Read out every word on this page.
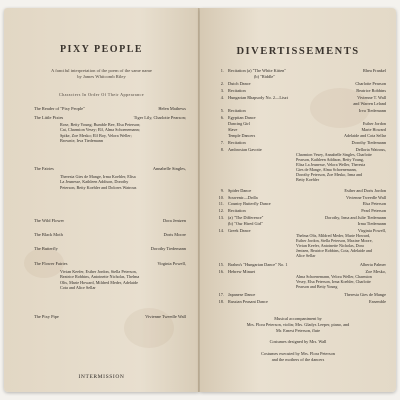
PIXY PEOPLE
A fanciful interpretation of the poem of the same name
by James Whitcomb Riley
Characters In Order Of Their Appearance
The Reader of "Pixy People"	Helen Mathews
The Little Pixies	Tiger Lily, Charlotte Pearson;
Rose, Betty Young; Bumble Bee, Elsa Peterson;
Cat, Charmion Vesey; Elf, Alma Schoenemann;
Spike, Zoe Mesko; Elf Boy, Velora Weller;
Brownie, Irva Tiedemann
The Fairies	Annabelle Singles,
Theresia Gies de Mange, Irma Koehler, Elisa
La Jeunesse, Kathleen Addison, Dorothy
Peterson, Betty Koehler and Dolores Watrous
The Wild Flower	Dora Jentzen
The Black Moth	Doris Moore
The Butterfly	Dorothy Tiedemann
The Flower Fairies	Virginia Powell,
Vivian Keefer, Esther Jordon, Stella Peterson,
Beatrice Robbins, Antoinette Nicholas, Thelma
Olts, Marie Howard, Mildred Meder, Adelaide
Cota and Alice Sellar
The Pixy Pipe	Vivienne Tweedle Wall
INTERMISSION
DIVERTISSEMENTS
1. Recitation (a) "The White Kitten"	Rhea Frankel
(b) "Riddle"
2. Dutch Dance	Charlotte Pearson
3. Recitation	Beatrice Robbins
4. Hungarian Rhapsody No. 2—Liszt	Vivienne T. Wall
and Warren Leland
5. Recitation	Irva Tiedemann
6. Egyptian Dance
Dancing Girl	Esther Jordon
Slave	Marie Howard
Temple Dancers	Adelaide and Cota Sellar
7. Recitation	Dorothy Tiedemann
8. Ambrosian Gavotte	Dellorta Watrous,
Charmion Vesey, Annabelle Singles, Charlotte
Pearson, Kathleen Addison, Betty Young,
Elisa La Jeunesse, Velora Weller, Theresia
Gies de Mange, Alma Schoenemann,
Dorothy Peterson, Zoe Mesko, Irma and
Betty Koehler
9. Spider Dance	Esther and Doris Jordon
10. Souvenir—Drdla	Vivienne Tweedle Wall
11. Country Butterfly Dance	Elsa Peterson
12. Recitation	Pearl Peterson
13. (a) "The Difference"	Dorothy, Irma and Julie Tiedemann
(b) "Our Hired Girl"	Irma Tiedemann
14. Greek Dance	Virginia Powell,
Thelma Olts, Mildred Meder, Marie Howard,
Esther Jordon, Stella Peterson, Maxine Moore,
Vivian Keefer, Antoinette Nicholas, Dora
Jentzen, Beatrice Robbins, Cota, Adelaide and
Alice Sellar
15. Brahm's "Hungarian Dance" No. 1	Alberta Palmer
16. Hebrew Minuet	Zoe Mesko,
Alma Schoenemann, Velora Weller, Charmion
Vesey, Elsa Peterson, Irma Koehler, Charlotte
Pearson and Betty Young
17. Japanese Dance	Theresia Gies de Mange
18. Russian Peasant Dance	Ensemble
Musical accompaniment by
Mrs. Flora Peterson, violin; Mrs. Gladys Leeper, piano, and
Mr. Ernest Peterson, flute
Costumes designed by Mrs. Wall
Costumes executed by Mrs. Flora Peterson
and the mothers of the dancers
